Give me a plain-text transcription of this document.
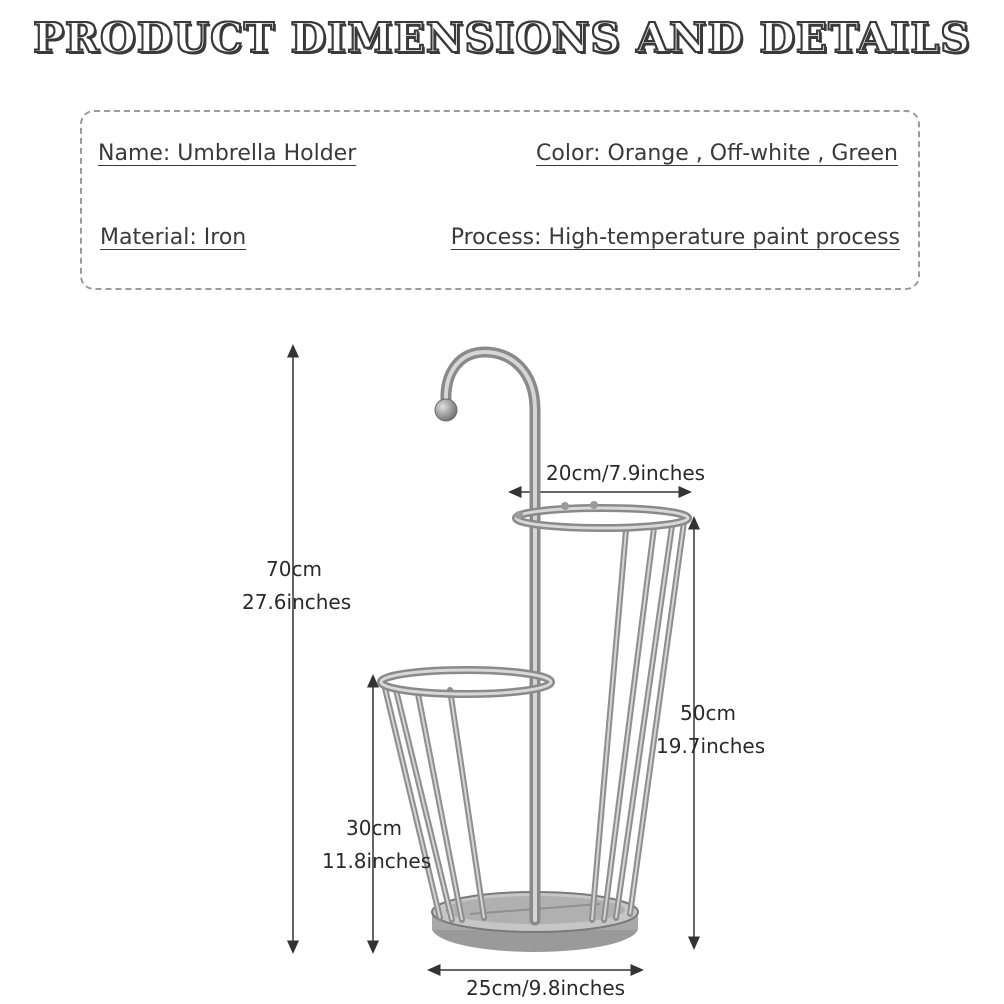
PRODUCT DIMENSIONS AND DETAILS
Name: Umbrella Holder	Color: Orange , Off-white , Green
Material: Iron	Process: High-temperature paint process
70cm
27.6inches
20cm/7.9inches
50cm
19.7inches
30cm
11.8inches
25cm/9.8inches
